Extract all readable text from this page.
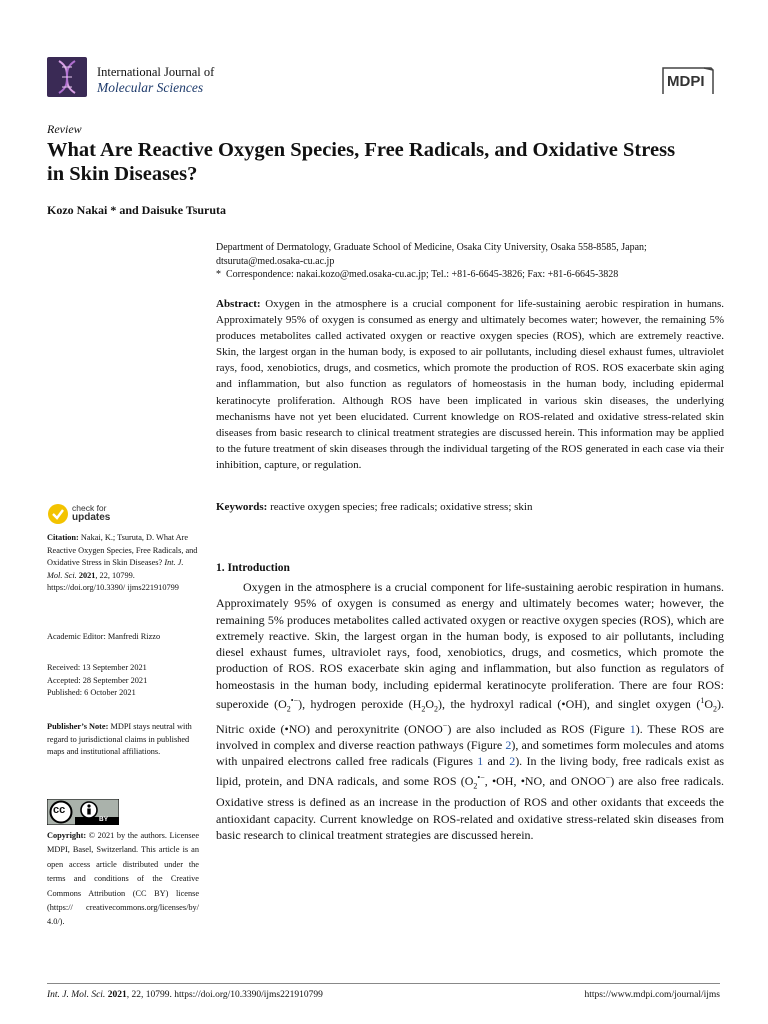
International Journal of
Molecular Sciences	MDPI
Review
What Are Reactive Oxygen Species, Free Radicals, and Oxidative Stress in Skin Diseases?
Kozo Nakai * and Daisuke Tsuruta
Department of Dermatology, Graduate School of Medicine, Osaka City University, Osaka 558-8585, Japan;
dtsuruta@med.osaka-cu.ac.jp
* Correspondence: nakai.kozo@med.osaka-cu.ac.jp; Tel.: +81-6-6645-3826; Fax: +81-6-6645-3828
Abstract: Oxygen in the atmosphere is a crucial component for life-sustaining aerobic respiration in humans. Approximately 95% of oxygen is consumed as energy and ultimately becomes water; however, the remaining 5% produces metabolites called activated oxygen or reactive oxygen species (ROS), which are extremely reactive. Skin, the largest organ in the human body, is exposed to air pollutants, including diesel exhaust fumes, ultraviolet rays, food, xenobiotics, drugs, and cosmetics, which promote the production of ROS. ROS exacerbate skin aging and inflammation, but also function as regulators of homeostasis in the human body, including epidermal keratinocyte proliferation. Although ROS have been implicated in various skin diseases, the underlying mechanisms have not yet been elucidated. Current knowledge on ROS-related and oxidative stress-related skin diseases from basic research to clinical treatment strategies are discussed herein. This information may be applied to the future treatment of skin diseases through the individual targeting of the ROS generated in each case via their inhibition, capture, or regulation.
Keywords: reactive oxygen species; free radicals; oxidative stress; skin
check for
updates
Citation: Nakai, K.; Tsuruta, D. What Are Reactive Oxygen Species, Free Radicals, and Oxidative Stress in Skin Diseases? Int. J. Mol. Sci. 2021, 22, 10799. https://doi.org/10.3390/ ijms221910799
Academic Editor: Manfredi Rizzo
Received: 13 September 2021
Accepted: 28 September 2021
Published: 6 October 2021
Publisher’s Note: MDPI stays neutral with regard to jurisdictional claims in published maps and institutional affiliations.
cc
BY
Copyright: © 2021 by the authors. Licensee MDPI, Basel, Switzerland. This article is an open access article distributed under the terms and conditions of the Creative Commons Attribution (CC BY) license (https:// creativecommons.org/licenses/by/ 4.0/).
1. Introduction
Oxygen in the atmosphere is a crucial component for life-sustaining aerobic respiration in humans. Approximately 95% of oxygen is consumed as energy and ultimately becomes water; however, the remaining 5% produces metabolites called activated oxygen or reactive oxygen species (ROS), which are extremely reactive. Skin, the largest organ in the human body, is exposed to air pollutants, including diesel exhaust fumes, ultraviolet rays, food, xenobiotics, drugs, and cosmetics, which promote the production of ROS. ROS exacerbate skin aging and inflammation, but also function as regulators of homeostasis in the human body, including epidermal keratinocyte proliferation. There are four ROS: superoxide $(O_2^{•-})$, hydrogen peroxide $(H_2O_2)$, the hydroxyl radical (•OH), and singlet oxygen $(^1O_2)$. Nitric oxide (•NO) and peroxynitrite (ONOO−) are also included as ROS (Figure 1). These ROS are involved in complex and diverse reaction pathways (Figure 2), and sometimes form molecules and atoms with unpaired electrons called free radicals (Figures 1 and 2). In the living body, free radicals exist as lipid, protein, and DNA radicals, and some ROS ($O_2^{•-}$, •OH, •NO, and ONOO−) are also free radicals. Oxidative stress is defined as an increase in the production of ROS and other oxidants that exceeds the antioxidant capacity. Current knowledge on ROS-related and oxidative stress-related skin diseases from basic research to clinical treatment strategies are discussed herein.
Int. J. Mol. Sci. 2021, 22, 10799. https://doi.org/10.3390/ijms221910799	https://www.mdpi.com/journal/ijms
